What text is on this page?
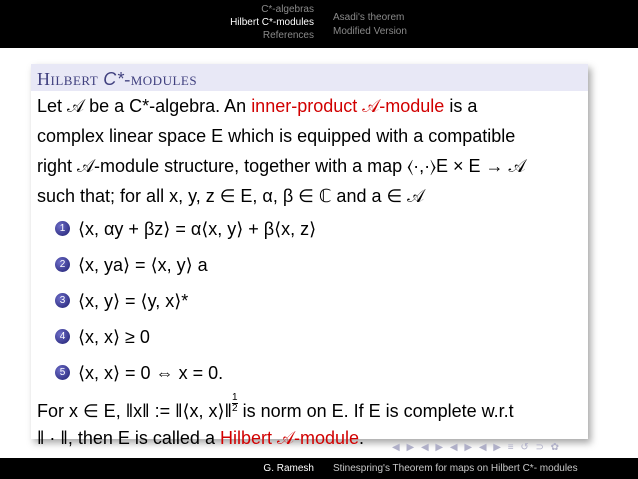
C*-algebras
Hilbert C*-modules
References
Asadi's theorem
Modified Version
Hilbert C*-modules
Let 𝒜 be a C*-algebra. An inner-product 𝒜-module is a
complex linear space E which is equipped with a compatible
right 𝒜-module structure, together with a map ⟨·,·⟩E × E → 𝒜
such that; for all x, y, z ∈ E, α, β ∈ ℂ and a ∈ 𝒜
1 ⟨x, αy + βz⟩ = α⟨x, y⟩ + β⟨x, z⟩
2 ⟨x, ya⟩ = ⟨x, y⟩ a
3 ⟨x, y⟩ = ⟨y, x⟩*
4 ⟨x, x⟩ ≥ 0
5 ⟨x, x⟩ = 0 ⇔ x = 0.
For x ∈ E, ‖x‖ := ‖⟨x, x⟩‖ $\frac{1}{2}$ is norm on E. If E is complete w.r.t
‖ · ‖, then E is called a Hilbert 𝒜-module.	◀ ▶ ◀ ▶ ◀ ▶ ◀ ▶ ≡ ↺ ⊃ ✿
G. Ramesh Stinespring's Theorem for maps on Hilbert C*- modules
